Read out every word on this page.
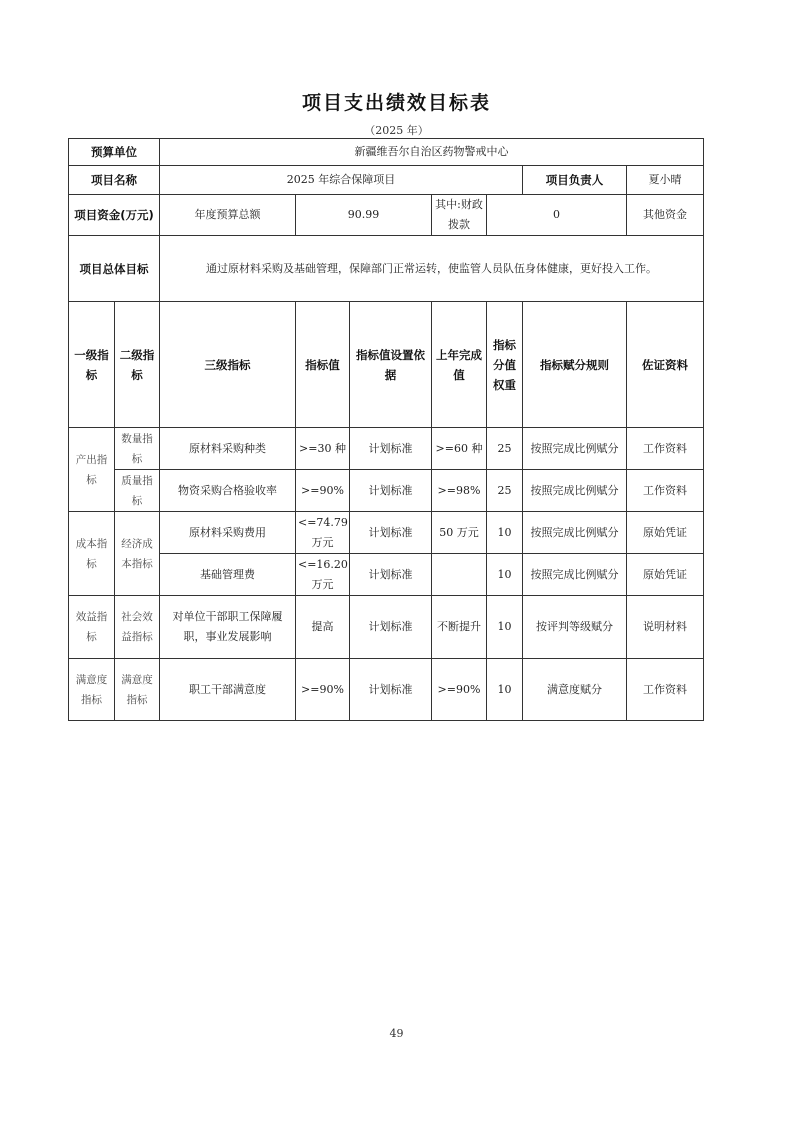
项目支出绩效目标表
（2025 年）
预算单位		新疆维吾尔自治区药物警戒中心							
项目名称		2025 年综合保障项目					项目负责人	夏小晴	
项目资金(万元)		年度预算总额	90.99		其中:财政拨款	0		其他资金	
项目总体目标		通过原材料采购及基础管理，保障部门正常运转，使监管人员队伍身体健康，更好投入工作。							
一级指标	二级指标	三级指标	指标值	指标值设置依据	上年完成值	指标分值权重	指标赋分规则	佐证资料	
产出指标	数量指标	原材料采购种类	>=30 种	计划标准	>=60 种	25	按照完成比例赋分	工作资料	
	质量指标	物资采购合格验收率	>=90%	计划标准	>=98%	25	按照完成比例赋分	工作资料	
成本指标	经济成本指标	原材料采购费用	<=74.79 万元	计划标准	50 万元	10	按照完成比例赋分	原始凭证	
		基础管理费	<=16.20 万元	计划标准		10	按照完成比例赋分	原始凭证	
效益指标	社会效益指标	对单位干部职工保障履职，事业发展影响	提高	计划标准	不断提升	10	按评判等级赋分	说明材料	
满意度指标	满意度指标	职工干部满意度	>=90%	计划标准	>=90%	10	满意度赋分	工作资料	
49
